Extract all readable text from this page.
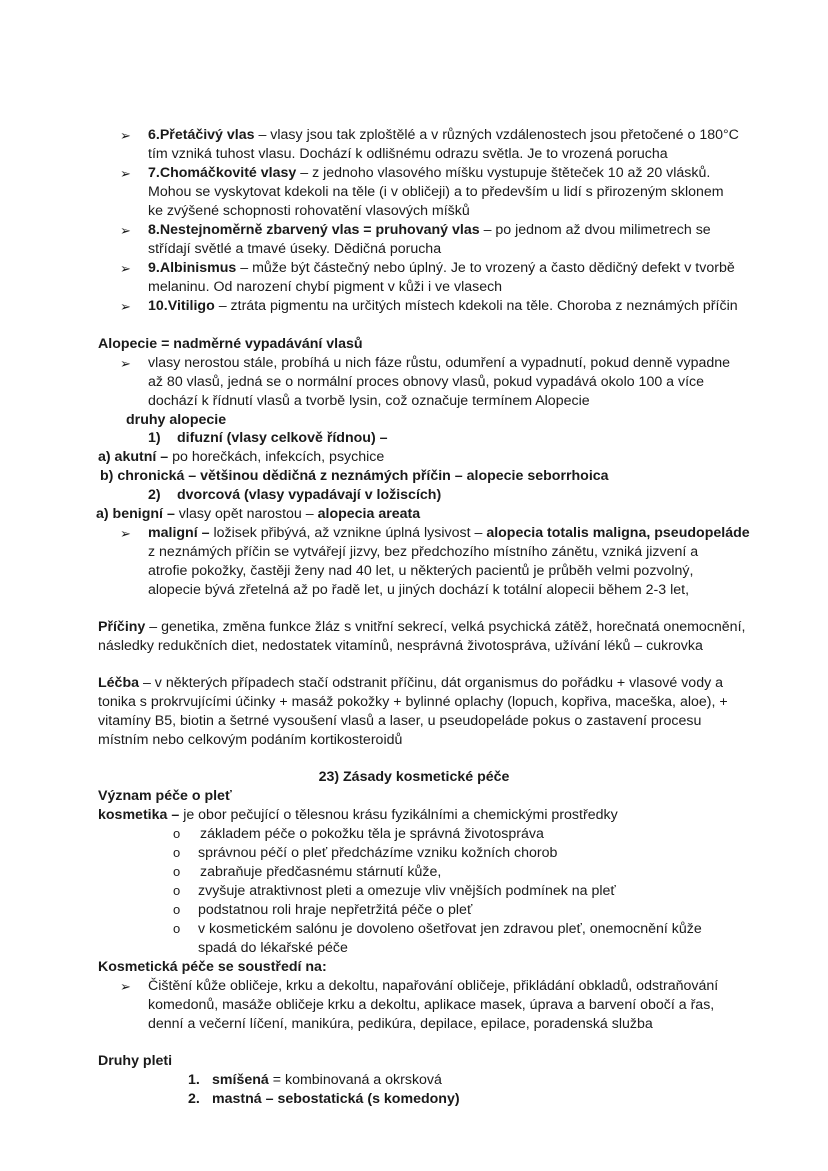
➢ 6.Přetáčivý vlas – vlasy jsou tak zploštělé a v různých vzdálenostech jsou přetočené o 180°C
tím vzniká tuhost vlasu. Dochází k odlišnému odrazu světla. Je to vrozená porucha
➢ 7.Chomáčkovité vlasy – z jednoho vlasového míšku vystupuje štěteček 10 až 20 vlásků.
Mohou se vyskytovat kdekoli na těle (i v obličeji) a to především u lidí s přirozeným sklonem
ke zvýšené schopnosti rohovatění vlasových míšků
➢ 8.Nestejnoměrně zbarvený vlas = pruhovaný vlas – po jednom až dvou milimetrech se
střídají světlé a tmavé úseky. Dědičná porucha
➢ 9.Albinismus – může být částečný nebo úplný. Je to vrozený a často dědičný defekt v tvorbě
melaninu. Od narození chybí pigment v kůži i ve vlasech
➢ 10.Vitiligo – ztráta pigmentu na určitých místech kdekoli na těle. Choroba z neznámých příčin
Alopecie = nadměrné vypadávání vlasů
➢ vlasy nerostou stále, probíhá u nich fáze růstu, odumření a vypadnutí, pokud denně vypadne
až 80 vlasů, jedná se o normální proces obnovy vlasů, pokud vypadává okolo 100 a více
dochází k řídnutí vlasů a tvorbě lysin, což označuje termínem Alopecie
druhy alopecie
1) difuzní (vlasy celkově řídnou) –
a) akutní – po horečkách, infekcích, psychice
b) chronická – většinou dědičná z neznámých příčin – alopecie seborrhoica
2) dvorcová (vlasy vypadávají v ložiscích)
a) benigní – vlasy opět narostou – alopecia areata
➢ maligní – ložisek přibývá, až vznikne úplná lysivost – alopecia totalis maligna, pseudopeláde
z neznámých příčin se vytvářejí jizvy, bez předchozího místního zánětu, vzniká jizvení a
atrofie pokožky, častěji ženy nad 40 let, u některých pacientů je průběh velmi pozvolný,
alopecie bývá zřetelná až po řadě let, u jiných dochází k totální alopecii během 2-3 let,
Příčiny – genetika, změna funkce žláz s vnitřní sekrecí, velká psychická zátěž, horečnatá onemocnění,
následky redukčních diet, nedostatek vitamínů, nesprávná životospráva, užívání léků – cukrovka
Léčba – v některých případech stačí odstranit příčinu, dát organismus do pořádku + vlasové vody a
tonika s prokrvujícími účinky + masáž pokožky + bylinné oplachy (lopuch, kopřiva, maceška, aloe), +
vitamíny B5, biotin a šetrné vysoušení vlasů a laser, u pseudopeláde pokus o zastavení procesu
místním nebo celkovým podáním kortikosteroidů
23) Zásady kosmetické péče
Význam péče o pleť
kosmetika – je obor pečující o tělesnou krásu fyzikálními a chemickými prostředky
o základem péče o pokožku těla je správná životospráva
o správnou péčí o pleť předcházíme vzniku kožních chorob
o zabraňuje předčasnému stárnutí kůže,
o zvyšuje atraktivnost pleti a omezuje vliv vnějších podmínek na pleť
o podstatnou roli hraje nepřetržitá péče o pleť
o v kosmetickém salónu je dovoleno ošetřovat jen zdravou pleť, onemocnění kůže
spadá do lékařské péče
Kosmetická péče se soustředí na:
➢ Čištění kůže obličeje, krku a dekoltu, napařování obličeje, přikládání obkladů, odstraňování
komedonů, masáže obličeje krku a dekoltu, aplikace masek, úprava a barvení obočí a řas,
denní a večerní líčení, manikúra, pedikúra, depilace, epilace, poradenská služba
Druhy pleti
1. smíšená = kombinovaná a okrsková
2. mastná – sebostatická (s komedony)
